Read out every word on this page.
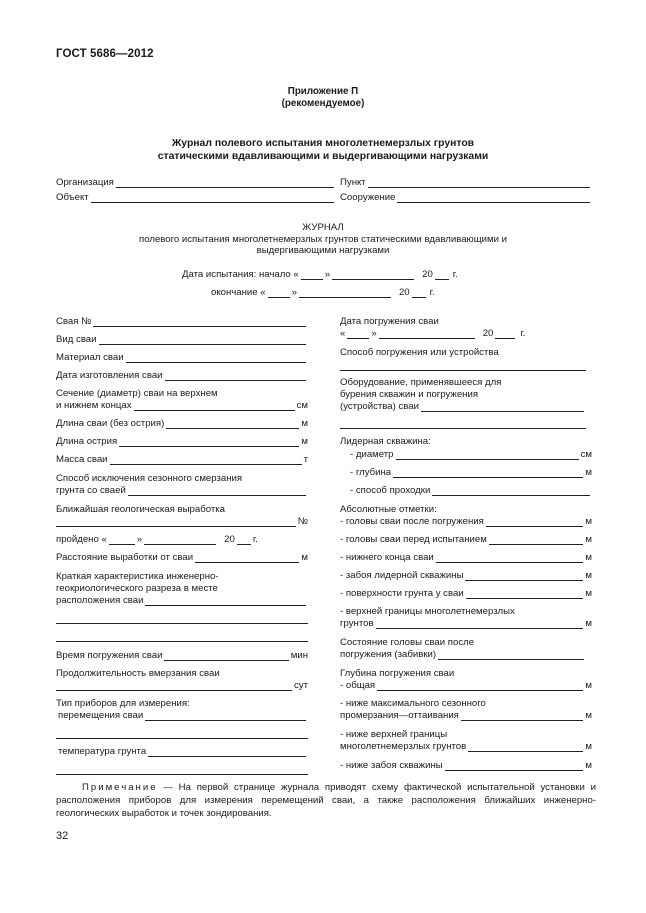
ГОСТ 5686—2012
Приложение П
(рекомендуемое)
Журнал полевого испытания многолетнемерзлых грунтов
статическими вдавливающими и выдергивающими нагрузками
Организация
Объект
Пункт
Сооружение
ЖУРНАЛ
полевого испытания многолетнемерзлых грунтов статическими вдавливающими и
выдергивающими нагрузками
Дата испытания: начало «	»	20 г.
окончание «	»	20 г.
Свая №
Вид сваи
Материал сваи
Дата изготовления сваи
Сечение (диаметр) сваи на верхнем
и нижнем концах	см
Длина сваи (без острия)	м
Длина острия	м
Масса сваи	т
Способ исключения сезонного смерзания
грунта со сваей
Ближайшая геологическая выработка
№
пройдено «	»	20 г.
Расстояние выработки от сваи	м
Краткая характеристика инженерно-
геокриологического разреза в месте
расположения сваи
Время погружения сваи	мин
Продолжительность вмерзания сваи
сут
Тип приборов для измерения:
перемещения сваи
температура грунта
Дата погружения сваи
«	»	20	г.
Способ погружения или устройства
Оборудование, применявшееся для
бурения скважин и погружения
(устройства) сваи
Лидерная скважина:
- диаметр	см
- глубина	м
- способ проходки
Абсолютные отметки:
- головы сваи после погружения	м
- головы сваи перед испытанием	м
- нижнего конца сваи	м
- забоя лидерной скважины	м
- поверхности грунта у сваи	м
- верхней границы многолетнемерзлых
грунтов	м
Состояние головы сваи после
погружения (забивки)
Глубина погружения сваи
- общая	м
- ниже максимального сезонного
промерзания—оттаивания	м
- ниже верхней границы
многолетнемерзлых грунтов	м
- ниже забоя скважины	м
Примечание — На первой странице журнала приводят схему фактической испытательной установки и расположения приборов для измерения перемещений сваи, а также расположения ближайших инженерно-геологических выработок и точек зондирования.
32
